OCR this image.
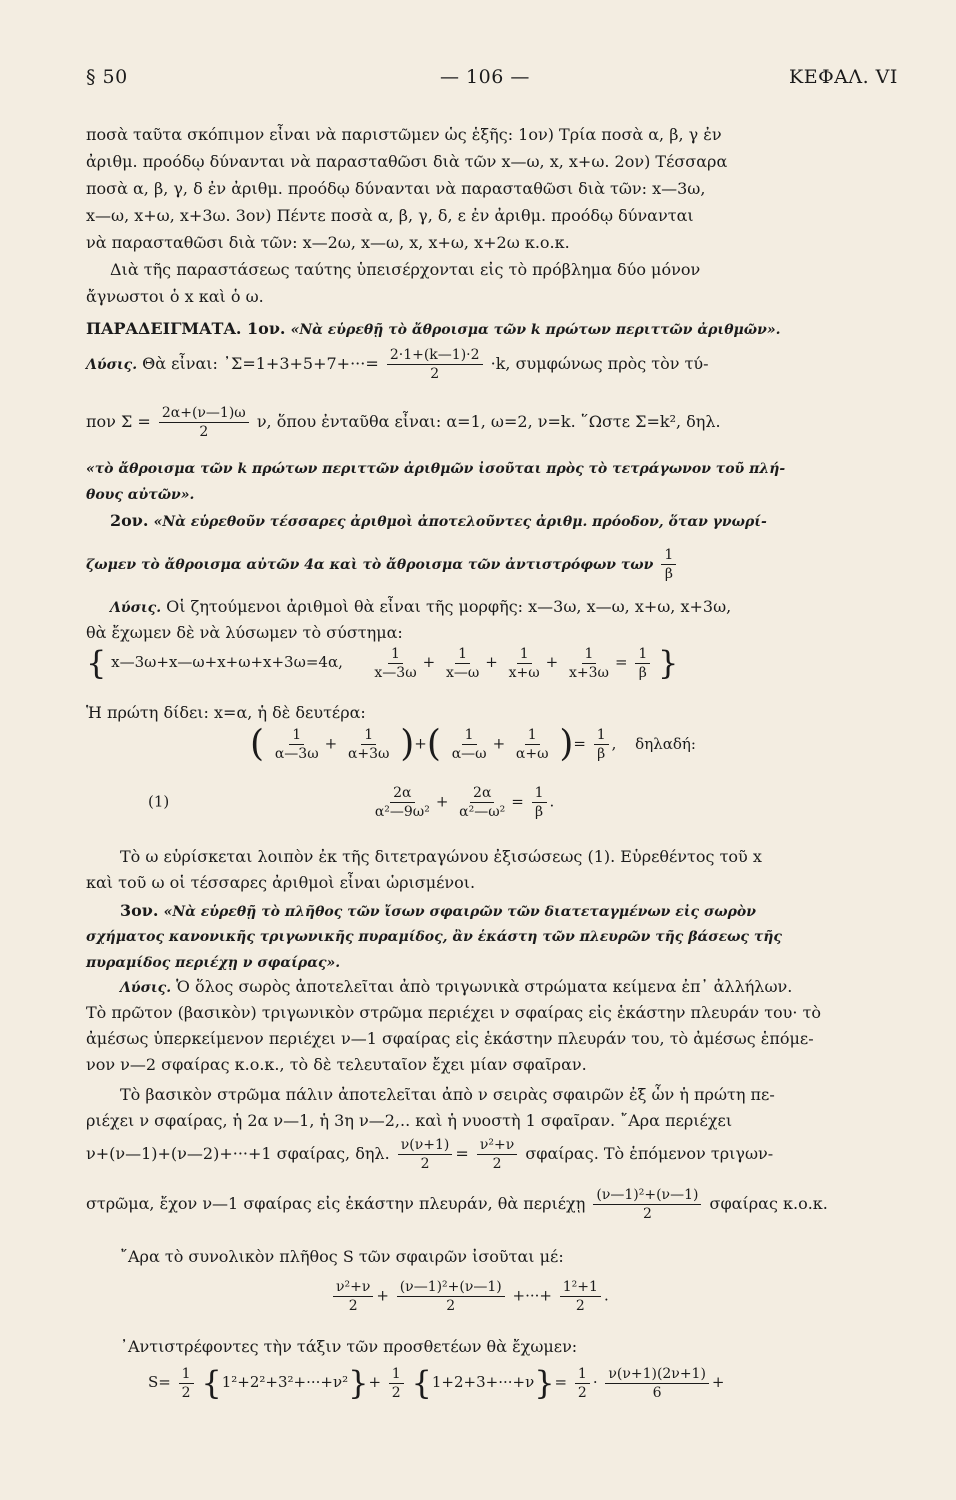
§ 50	— 106 —	ΚΕΦΑΛ. VI
ποσὰ ταῦτα σκόπιμον εἶναι νὰ παριστῶμεν ὡς ἑξῆς: 1ον) Τρία ποσὰ α, β, γ ἐν
ἀριθμ. προόδῳ δύνανται νὰ παρασταθῶσι διὰ τῶν x—ω, x, x+ω. 2ον) Τέσσαρα
ποσὰ α, β, γ, δ ἐν ἀριθμ. προόδῳ δύνανται νὰ παρασταθῶσι διὰ τῶν: x—3ω,
x—ω, x+ω, x+3ω. 3ον) Πέντε ποσὰ α, β, γ, δ, ε ἐν ἀριθμ. προόδῳ δύνανται
νὰ παρασταθῶσι διὰ τῶν: x—2ω, x—ω, x, x+ω, x+2ω κ.ο.κ.
Διὰ τῆς παραστάσεως ταύτης ὑπεισέρχονται εἰς τὸ πρόβλημα δύο μόνον
ἄγνωστοι ὁ x καὶ ὁ ω.
ΠΑΡΑΔΕΙΓΜΑΤΑ. 1ον. «Νὰ εὑρεθῇ τὸ ἄθροισμα τῶν k πρώτων περιττῶν ἀριθμῶν».
Λύσις. Θὰ εἶναι: ᾿Σ=1+3+5+7+···= $\frac{2\cdot 1+(k—1)\cdot 2}{2} \cdot k$, συμφώνως πρὸς τὸν τύ-
πον $\Sigma = \frac{2\alpha+(\nu—1)\omega}{2} \nu$, ὅπου ἐνταῦθα εἶναι: α=1, ω=2, ν=k. ῞Ωστε Σ=k², δηλ.
«τὸ ἄθροισμα τῶν k πρώτων περιττῶν ἀριθμῶν ἰσοῦται πρὸς τὸ τετράγωνον τοῦ πλή-
θους αὐτῶν».
2ον. «Νὰ εὑρεθοῦν τέσσαρες ἀριθμοὶ ἀποτελοῦντες ἀριθμ. πρόοδον, ὅταν γνωρί-
ζωμεν τὸ ἄθροισμα αὐτῶν 4α καὶ τὸ ἄθροισμα τῶν ἀντιστρόφων των $\frac{1}{\beta}$
Λύσις. Οἱ ζητούμενοι ἀριθμοὶ θὰ εἶναι τῆς μορφῆς: x—3ω, x—ω, x+ω, x+3ω,
θὰ ἔχωμεν δὲ νὰ λύσωμεν τὸ σύστημα:
{ x—3ω+x—ω+x+ω+x+3ω=4α, $\frac{1}{x—3\omega} + \frac{1}{x—\omega} + \frac{1}{x+\omega} + \frac{1}{x+3\omega} = \frac{1}{\beta}$ }
Ἡ πρώτη δίδει: x=α, ἡ δὲ δευτέρα:
( $\frac{1}{\alpha—3\omega} + \frac{1}{\alpha+3\omega}$ )+( $\frac{1}{\alpha—\omega} + \frac{1}{\alpha+\omega}$ )= $\frac{1}{\beta}$ , δηλαδή:
(1)	$\frac{2\alpha}{\text{α²—9ω²}} + \frac{2\alpha}{\text{α²—ω²}} = \frac{1}{\beta}$ .
Τὸ ω εὑρίσκεται λοιπὸν ἐκ τῆς διτετραγώνου ἐξισώσεως (1). Εὑρεθέντος τοῦ x
καὶ τοῦ ω οἱ τέσσαρες ἀριθμοὶ εἶναι ὡρισμένοι.
3ον. «Νὰ εὑρεθῇ τὸ πλῆθος τῶν ἴσων σφαιρῶν τῶν διατεταγμένων εἰς σωρὸν
σχήματος κανονικῆς τριγωνικῆς πυραμίδος, ἂν ἑκάστη τῶν πλευρῶν τῆς βάσεως τῆς
πυραμίδος περιέχῃ ν σφαίρας».
Λύσις. Ὁ ὅλος σωρὸς ἀποτελεῖται ἀπὸ τριγωνικὰ στρώματα κείμενα ἐπ᾿ ἀλλήλων.
Τὸ πρῶτον (βασικὸν) τριγωνικὸν στρῶμα περιέχει ν σφαίρας εἰς ἑκάστην πλευράν του· τὸ
ἀμέσως ὑπερκείμενον περιέχει ν—1 σφαίρας εἰς ἑκάστην πλευράν του, τὸ ἀμέσως ἑπόμε-
νον ν—2 σφαίρας κ.ο.κ., τὸ δὲ τελευταῖον ἔχει μίαν σφαῖραν.
Τὸ βασικὸν στρῶμα πάλιν ἀποτελεῖται ἀπὸ ν σειρὰς σφαιρῶν ἐξ ὧν ἡ πρώτη πε-
ριέχει ν σφαίρας, ἡ 2α ν—1, ἡ 3η ν—2,.. καὶ ἡ νυοστὴ 1 σφαῖραν. ῎Αρα περιέχει
ν+(ν—1)+(ν—2)+···+1 σφαίρας, δηλ. $\frac{\nu(\nu+1)}{2} = \frac{\text{ν²+ν}}{2} \sigma\varphi\alpha ί\rho\alpha\varsigma$. Τὸ ἑπόμενον τριγων-
στρῶμα, ἔχον ν—1 σφαίρας εἰς ἑκάστην πλευράν, θὰ περιέχῃ $\frac{\text{(ν—1)²+(ν—1)}}{2}$ σφαίρας κ.ο.κ.
῎Αρα τὸ συνολικὸν πλῆθος S τῶν σφαιρῶν ἰσοῦται μέ:
$\frac{\text{ν²+ν}}{2} + \frac{\text{(ν—1)²+(ν—1)}}{2}$ +···+ $\frac{\text{1²+1}}{2}$ .
᾿Αντιστρέφοντες τὴν τάξιν τῶν προσθετέων θὰ ἔχωμεν:
$S= \frac{1}{2} \{1^2+2^2+3^2+\cdot\cdot\cdot+\nu^2\}+ \frac{1}{2} \{1+2+3+\cdot\cdot\cdot+\nu\}= \frac{1}{2} \cdot \frac{\nu(\nu+1)(2\nu+1)}{6}$ +
